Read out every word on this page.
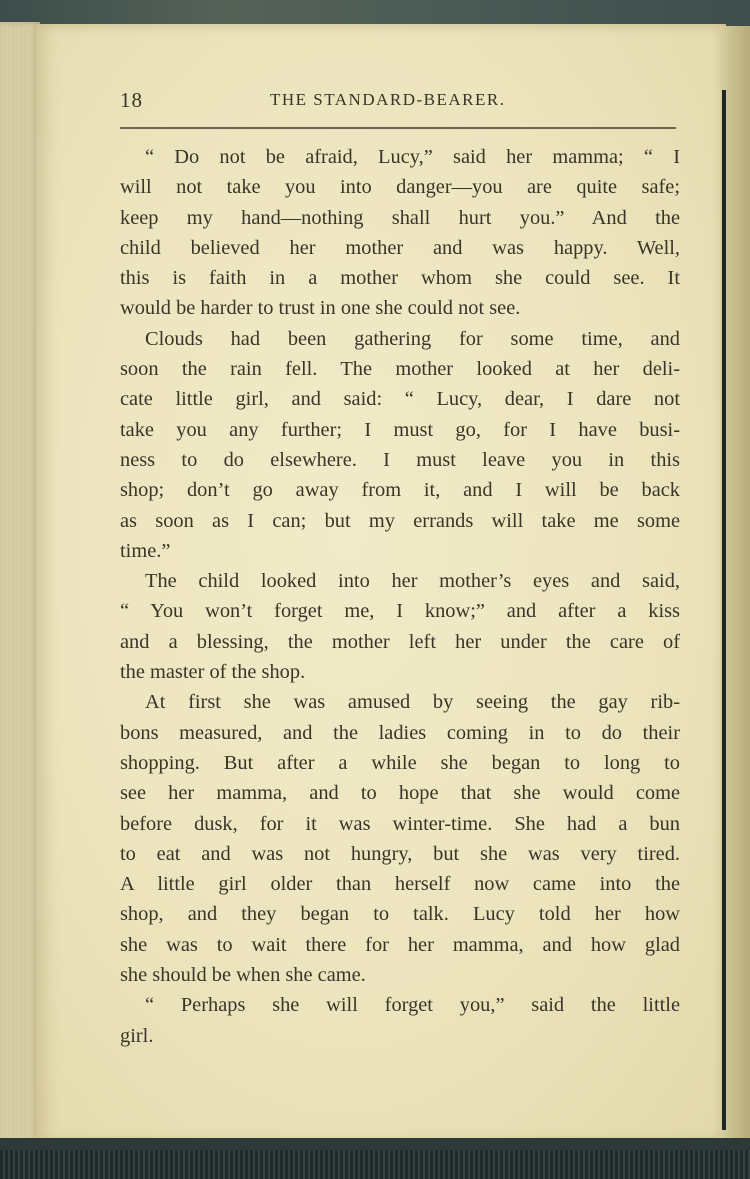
18	THE STANDARD-BEARER.
“ Do not be afraid, Lucy,” said her mamma; “ I
will not take you into danger—you are quite safe;
keep my hand—nothing shall hurt you.” And the
child believed her mother and was happy. Well,
this is faith in a mother whom she could see. It
would be harder to trust in one she could not see.
Clouds had been gathering for some time, and
soon the rain fell. The mother looked at her deli-
cate little girl, and said: “ Lucy, dear, I dare not
take you any further; I must go, for I have busi-
ness to do elsewhere. I must leave you in this
shop; don’t go away from it, and I will be back
as soon as I can; but my errands will take me some
time.”
The child looked into her mother’s eyes and said,
“ You won’t forget me, I know;” and after a kiss
and a blessing, the mother left her under the care of
the master of the shop.
At first she was amused by seeing the gay rib-
bons measured, and the ladies coming in to do their
shopping. But after a while she began to long to
see her mamma, and to hope that she would come
before dusk, for it was winter-time. She had a bun
to eat and was not hungry, but she was very tired.
A little girl older than herself now came into the
shop, and they began to talk. Lucy told her how
she was to wait there for her mamma, and how glad
she should be when she came.
“ Perhaps she will forget you,” said the little
girl.
